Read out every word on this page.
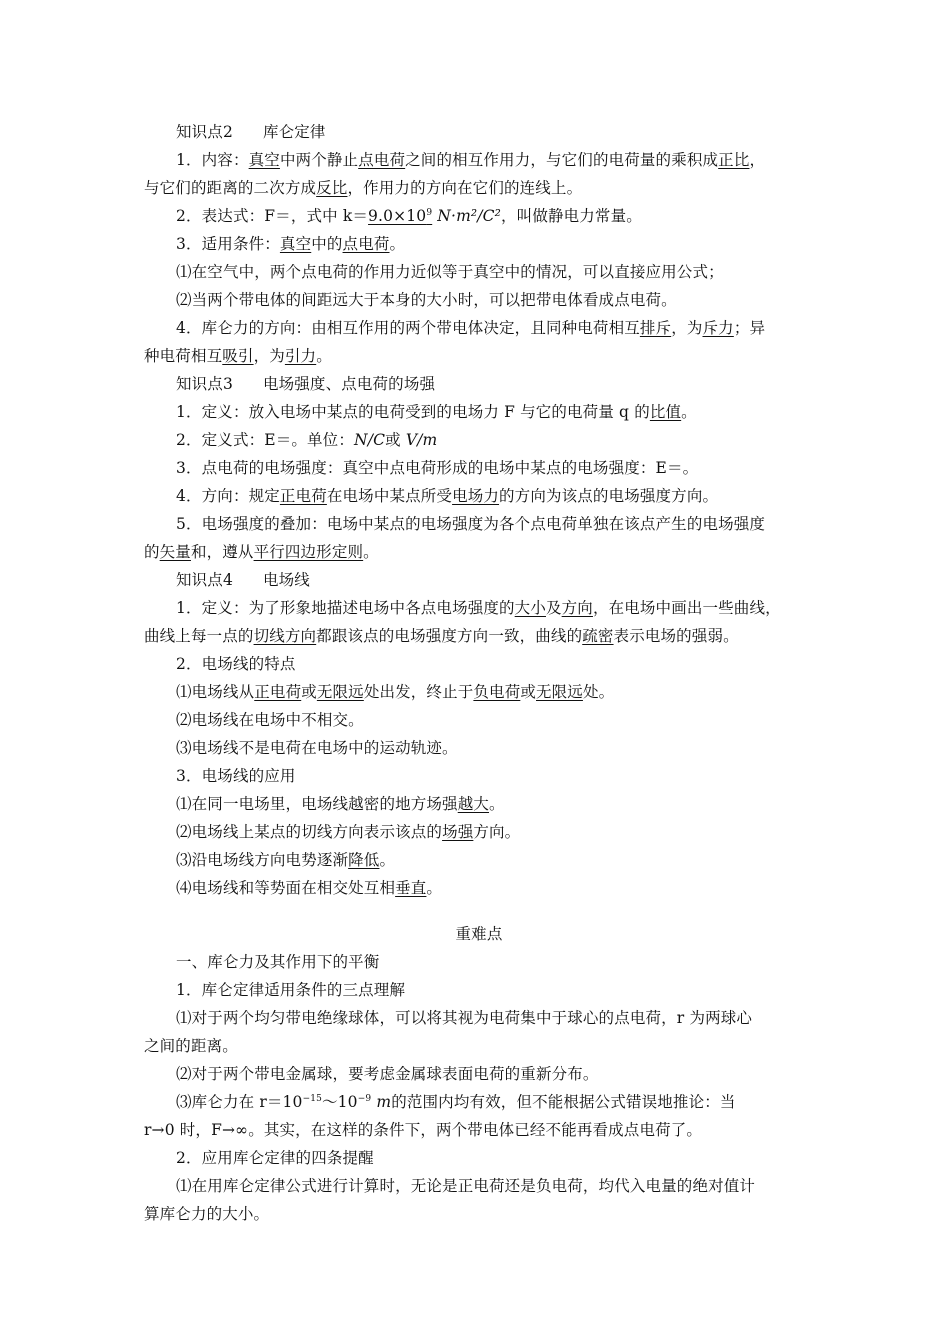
知识点2 库仑定律
1．内容：真空中两个静止点电荷之间的相互作用力，与它们的电荷量的乘积成正比，
与它们的距离的二次方成反比，作用力的方向在它们的连线上。
2．表达式：F＝，式中 $k=9.0\times 10^9$ N·m²/C²，叫做静电力常量。
3．适用条件：真空中的点电荷。
⑴在空气中，两个点电荷的作用力近似等于真空中的情况，可以直接应用公式；
⑵当两个带电体的间距远大于本身的大小时，可以把带电体看成点电荷。
4．库仑力的方向：由相互作用的两个带电体决定，且同种电荷相互排斥，为斥力；异
种电荷相互吸引，为引力。
知识点3 电场强度、点电荷的场强
1．定义：放入电场中某点的电荷受到的电场力 F 与它的电荷量 q 的比值。
2．定义式：E＝。单位：N/C或 V/m
3．点电荷的电场强度：真空中点电荷形成的电场中某点的电场强度：E＝。
4．方向：规定正电荷在电场中某点所受电场力的方向为该点的电场强度方向。
5．电场强度的叠加：电场中某点的电场强度为各个点电荷单独在该点产生的电场强度
的矢量和，遵从平行四边形定则。
知识点4 电场线
1．定义：为了形象地描述电场中各点电场强度的大小及方向，在电场中画出一些曲线，
曲线上每一点的切线方向都跟该点的电场强度方向一致，曲线的疏密表示电场的强弱。
2．电场线的特点
⑴电场线从正电荷或无限远处出发，终止于负电荷或无限远处。
⑵电场线在电场中不相交。
⑶电场线不是电荷在电场中的运动轨迹。
3．电场线的应用
⑴在同一电场里，电场线越密的地方场强越大。
⑵电场线上某点的切线方向表示该点的场强方向。
⑶沿电场线方向电势逐渐降低。
⑷电场线和等势面在相交处互相垂直。
重难点
一、库仑力及其作用下的平衡
1．库仑定律适用条件的三点理解
⑴对于两个均匀带电绝缘球体，可以将其视为电荷集中于球心的点电荷，r 为两球心
之间的距离。
⑵对于两个带电金属球，要考虑金属球表面电荷的重新分布。
⑶库仑力在 $r=10^{-15}\sim 10^{-9}$ m的范围内均有效，但不能根据公式错误地推论：当
r→0 时，F→∞。其实，在这样的条件下，两个带电体已经不能再看成点电荷了。
2．应用库仑定律的四条提醒
⑴在用库仑定律公式进行计算时，无论是正电荷还是负电荷，均代入电量的绝对值计
算库仑力的大小。
